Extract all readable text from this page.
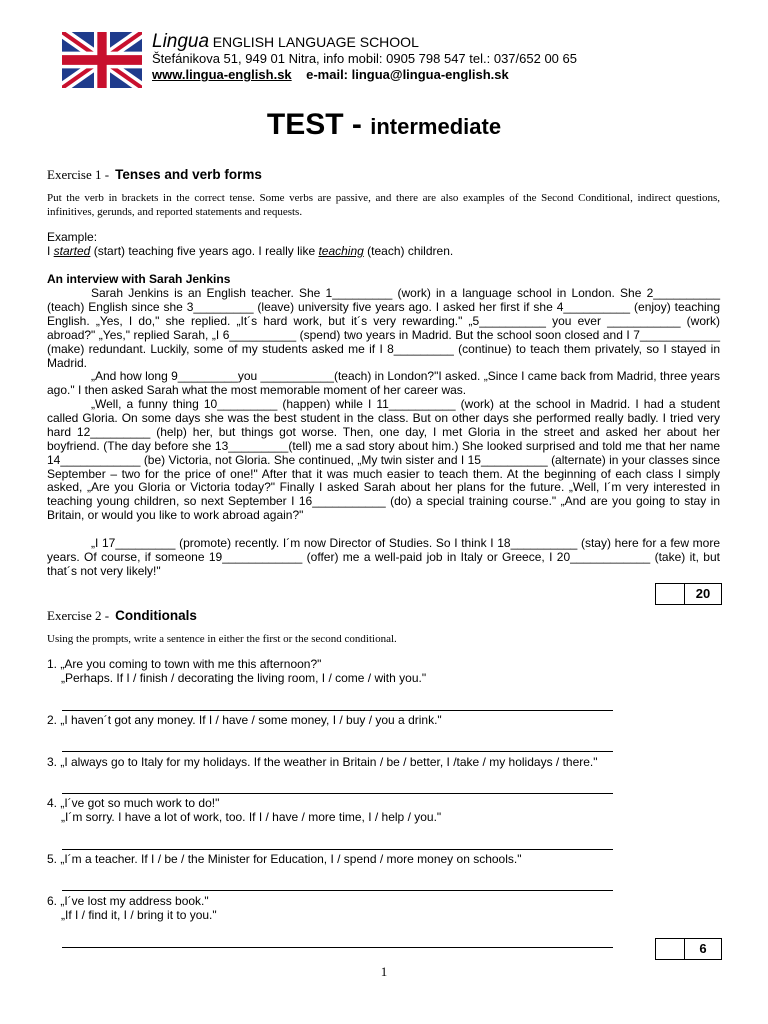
Lingua ENGLISH LANGUAGE SCHOOL
Štefánikova 51, 949 01 Nitra, info mobil: 0905 798 547 tel.: 037/652 00 65
www.lingua-english.sk e-mail: lingua@lingua-english.sk
TEST - intermediate
Exercise 1 - Tenses and verb forms
Put the verb in brackets in the correct tense. Some verbs are passive, and there are also examples of the Second Conditional, indirect questions, infinitives, gerunds, and reported statements and requests.
Example:
I started (start) teaching five years ago. I really like teaching (teach) children.
An interview with Sarah Jenkins

Sarah Jenkins is an English teacher. She 1_________ (work) in a language school in London. She 2__________ (teach) English since she 3_________ (leave) university five years ago. I asked her first if she 4__________ (enjoy) teaching English. „Yes, I do," she replied. „It´s hard work, but it´s very rewarding." „5__________ you ever ___________ (work) abroad?" „Yes," replied Sarah, „I 6__________ (spend) two years in Madrid. But the school soon closed and I 7____________ (make) redundant. Luckily, some of my students asked me if I 8_________ (continue) to teach them privately, so I stayed in Madrid.

„And how long 9_________you ___________(teach) in London?"I asked. „Since I came back from Madrid, three years ago." I then asked Sarah what the most memorable moment of her career was.

„Well, a funny thing 10_________ (happen) while I 11__________ (work) at the school in Madrid. I had a student called Gloria. On some days she was the best student in the class. But on other days she performed really badly. I tried very hard 12_________ (help) her, but things got worse. Then, one day, I met Gloria in the street and asked her about her boyfriend. (The day before she 13_________(tell) me a sad story about him.) She looked surprised and told me that her name 14____________ (be) Victoria, not Gloria. She continued, „My twin sister and I 15__________ (alternate) in your classes since September – two for the price of one!" After that it was much easier to teach them. At the beginning of each class I simply asked, „Are you Gloria or Victoria today?" Finally I asked Sarah about her plans for the future. „Well, I´m very interested in teaching young children, so next September I 16___________ (do) a special training course." „And are you going to stay in Britain, or would you like to work abroad again?"

„I 17_________ (promote) recently. I´m now Director of Studies. So I think I 18__________ (stay) here for a few more years. Of course, if someone 19____________ (offer) me a well-paid job in Italy or Greece, I 20____________ (take) it, but that´s not very likely!"

20
Exercise 2 - Conditionals
Using the prompts, write a sentence in either the first or the second conditional.
1. „Are you coming to town with me this afternoon?"
„Perhaps. If I / finish / decorating the living room, I / come / with you."
2. „I haven´t got any money. If I / have / some money, I / buy / you a drink."
3. „I always go to Italy for my holidays. If the weather in Britain / be / better, I /take / my holidays / there."
4. „I´ve got so much work to do!"
„I´m sorry. I have a lot of work, too. If I / have / more time, I / help / you."
5. „I´m a teacher. If I / be / the Minister for Education, I / spend / more money on schools."
6. „I´ve lost my address book."
„If I / find it, I / bring it to you."
6
1
